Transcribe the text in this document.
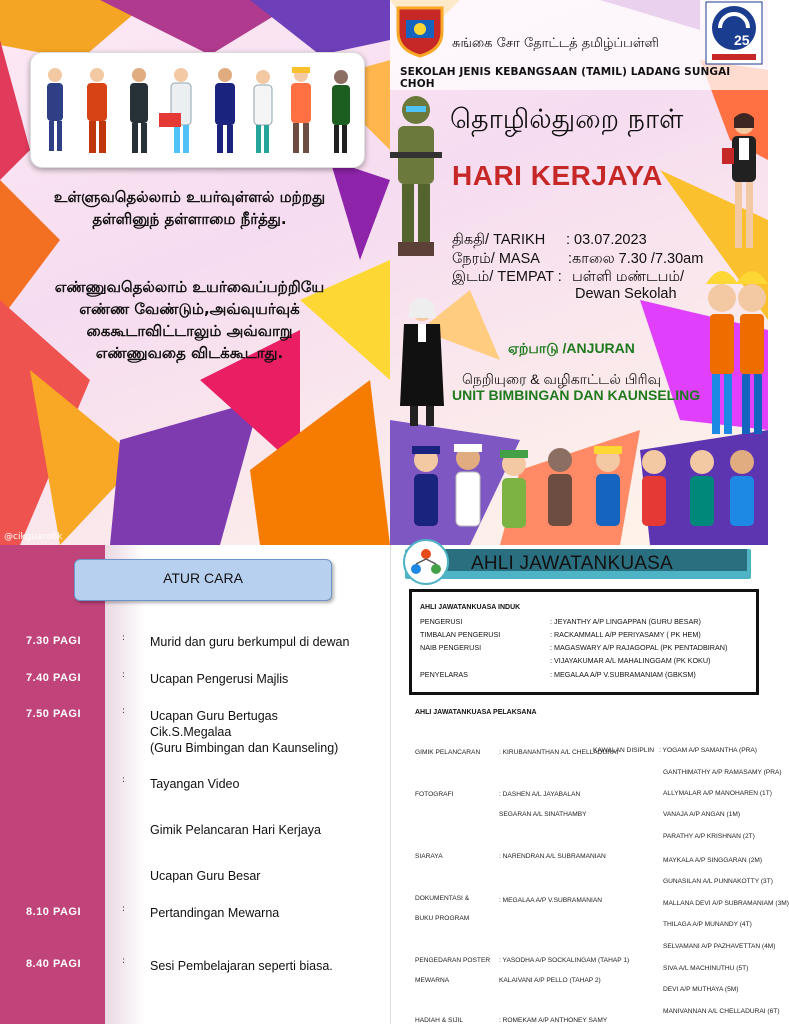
உள்ளுவதெல்லாம் உயர்வுள்ளல் மற்றது
தள்ளினுந் தள்ளாமை நீர்த்து.
எண்ணுவதெல்லாம் உயர்வைப்பற்றியே
எண்ண வேண்டும்,அவ்வுயர்வுக்
கைகூடாவிட்டாலும் அவ்வாறு
எண்ணுவதை விடக்கூடாது.
@cikguarofik
சுங்கை சோ தோட்டத் தமிழ்ப்பள்ளி
SEKOLAH JENIS KEBANGSAAN (TAMIL) LADANG SUNGAI CHOH
25
தொழில்துறை நாள்
HARI KERJAYA
திகதி/ TARIKH : 03.07.2023
நேரம்/ MASA :காலை 7.30 /7.30am
இடம்/ TEMPAT : பள்ளி மண்டபம்/
Dewan Sekolah
ஏற்பாடு /ANJURAN
நெறியுரை & வழிகாட்டல் பிரிவு
UNIT BIMBINGAN DAN KAUNSELING
ATUR CARA
7.30 PAGI	: Murid dan guru berkumpul di dewan
7.40 PAGI	: Ucapan Pengerusi Majlis
7.50 PAGI	: Ucapan Guru Bertugas
Cik.S.Megalaa
(Guru Bimbingan dan Kaunseling)
: Tayangan Video
Gimik Pelancaran Hari Kerjaya
Ucapan Guru Besar
8.10 PAGI	: Pertandingan Mewarna
8.40 PAGI	: Sesi Pembelajaran seperti biasa.
AHLI JAWATANKUASA
AHLI JAWATANKUASA INDUK
PENGERUSI	: JEYANTHY A/P LINGAPPAN (GURU BESAR)
TIMBALAN PENGERUSI	: RACKAMMALL A/P PERIYASAMY ( PK HEM)
NAIB PENGERUSI	: MAGASWARY A/P RAJAGOPAL (PK PENTADBIRAN)
: VIJAYAKUMAR A/L MAHALINGGAM (PK KOKU)
PENYELARAS	: MEGALAA A/P V.SUBRAMANIAM (GBKSM)
AHLI JAWATANKUASA PELAKSANA
GIMIK PELANCARAN	: KIRUBANANTHAN A/L CHELLADURAI
FOTOGRAFI	: DASHEN A/L JAYABALAN
SEGARAN A/L SINATHAMBY
SIARAYA	: NARENDRAN A/L SUBRAMANIAN
DOKUMENTASI &
BUKU PROGRAM
: MEGALAA A/P V.SUBRAMANIAN
PENGEDARAN POSTER
MEWARNA
: YASODHA A/P SOCKALINGAM (TAHAP 1)
KALAIVANI A/P PELLO (TAHAP 2)
HADIAH & SIJIL	: ROMEKAM A/P ANTHONEY SAMY
KAWALAN DISIPLIN : YOGAM A/P SAMANTHA (PRA)
GANTHIMATHY A/P RAMASAMY (PRA)
ALLYMALAR A/P MANOHAREN (1T)
VANAJA A/P ANGAN (1M)
PARATHY A/P KRISHNAN (2T)
MAYKALA A/P SINGGARAN (2M)
GUNASILAN A/L PUNNAKOTTY (3T)
MALLANA DEVI A/P SUBRAMANIAM (3M)
THILAGA A/P MUNANDY (4T)
SELVAMANI A/P PAZHAVETTAN (4M)
SIVA A/L MACHINUTHU (5T)
DEVI A/P MUTHAYA (5M)
MANIVANNAN A/L CHELLADURAI (6T)
